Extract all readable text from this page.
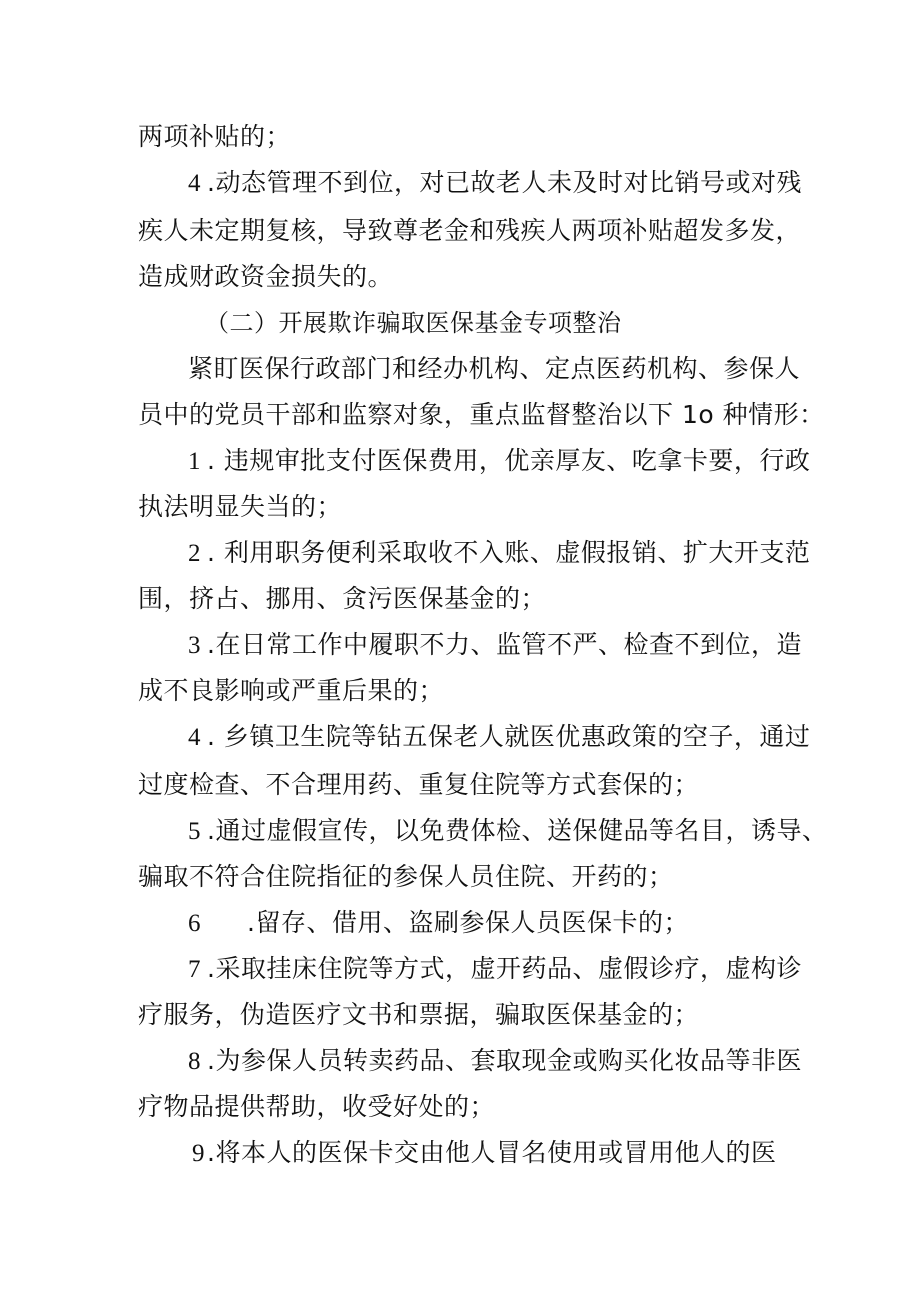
两项补贴的；
4 .动态管理不到位，对已故老人未及时对比销号或对残
疾人未定期复核，导致尊老金和残疾人两项补贴超发多发，
造成财政资金损失的。
（二）开展欺诈骗取医保基金专项整治
紧盯医保行政部门和经办机构、定点医药机构、参保人
员中的党员干部和监察对象，重点监督整治以下 1o 种情形：
1 . 违规审批支付医保费用，优亲厚友、吃拿卡要，行政
执法明显失当的；
2 . 利用职务便利采取收不入账、虚假报销、扩大开支范
围，挤占、挪用、贪污医保基金的；
3 .在日常工作中履职不力、监管不严、检查不到位，造
成不良影响或严重后果的；
4 . 乡镇卫生院等钻五保老人就医优惠政策的空子，通过
过度检查、不合理用药、重复住院等方式套保的；
5 .通过虚假宣传，以免费体检、送保健品等名目，诱导、
骗取不符合住院指征的参保人员住院、开药的；
6 .留存、借用、盗刷参保人员医保卡的；
7 .采取挂床住院等方式，虚开药品、虚假诊疗，虚构诊
疗服务，伪造医疗文书和票据，骗取医保基金的；
8 .为参保人员转卖药品、套取现金或购买化妆品等非医
疗物品提供帮助，收受好处的；
9.将本人的医保卡交由他人冒名使用或冒用他人的医
